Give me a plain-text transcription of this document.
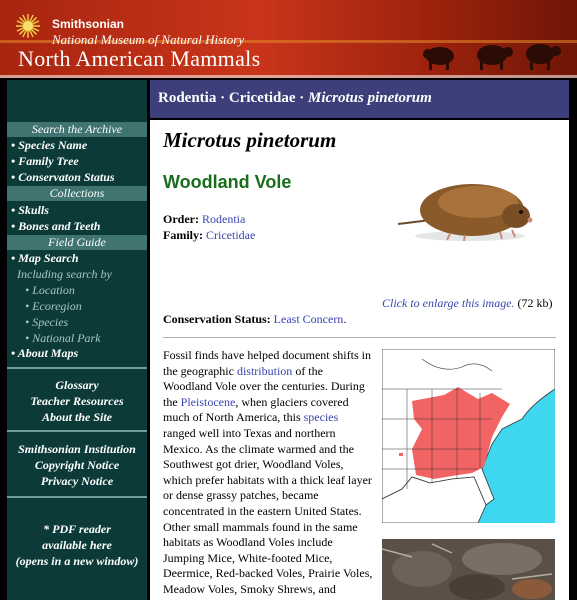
Smithsonian
National Museum of Natural History
North American Mammals
Search the Archive
• Species Name
• Family Tree
• Conservaton Status
Collections
• Skulls
• Bones and Teeth
Field Guide
• Map Search
Including search by
• Location
• Ecoregion
• Species
• National Park
• About Maps
Glossary
Teacher Resources
About the Site
Smithsonian Institution
Copyright Notice
Privacy Notice
* PDF reader
available here
(opens in a new window)
Rodentia · Cricetidae · Microtus pinetorum
Microtus pinetorum
Woodland Vole
Order: Rodentia
Family: Cricetidae
Click to enlarge this image. (72 kb)
Conservation Status: Least Concern.
Fossil finds have helped document shifts in the geographic distribution of the Woodland Vole over the centuries. During the Pleistocene, when glaciers covered much of North America, this species ranged well into Texas and northern Mexico. As the climate warmed and the Southwest got drier, Woodland Voles, which prefer habitats with a thick leaf layer or dense grassy patches, became concentrated in the eastern United States. Other small mammals found in the same habitats as Woodland Voles include Jumping Mice, White-footed Mice, Deermice, Red-backed Voles, Prairie Voles, Meadow Voles, Smoky Shrews, and
